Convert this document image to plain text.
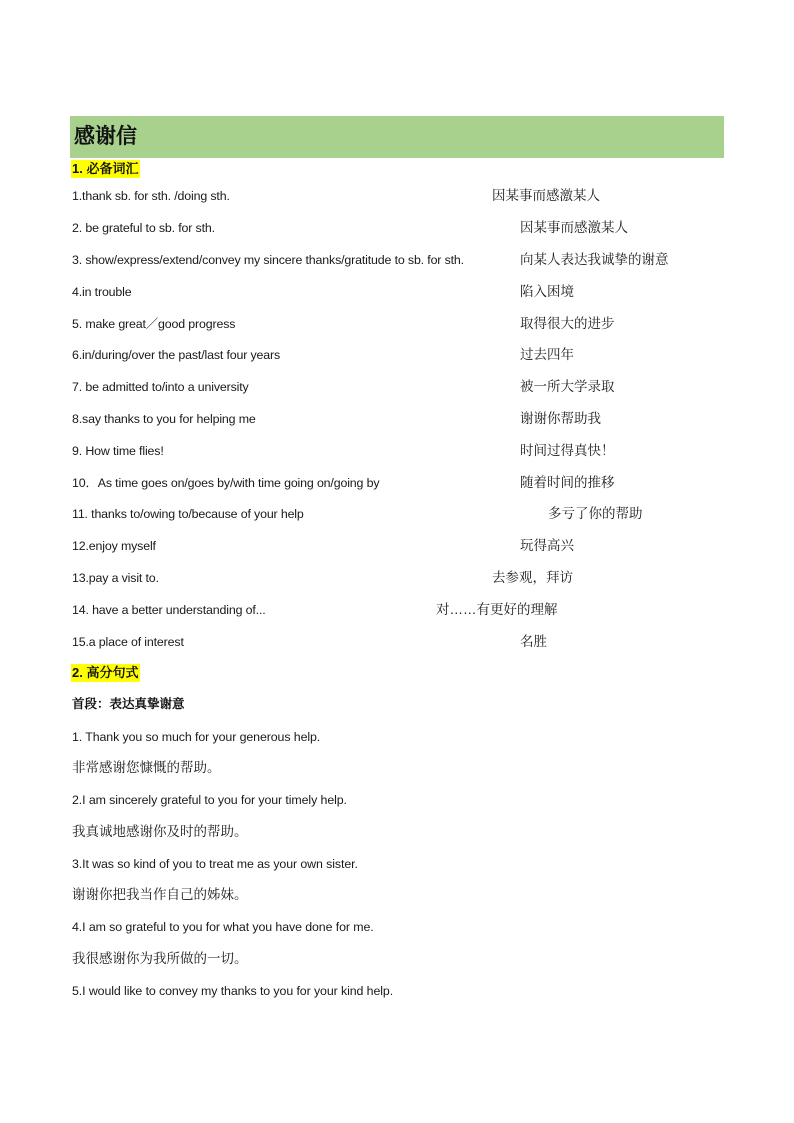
感谢信
1. 必备词汇
1.thank sb. for sth. /doing sth.	因某事而感激某人
2. be grateful to sb. for sth.	因某事而感激某人
3. show/express/extend/convey my sincere thanks/gratitude to sb. for sth.	向某人表达我诚挚的谢意
4.in trouble	陷入困境
5. make great／good progress	取得很大的进步
6.in/during/over the past/last four years	过去四年
7. be admitted to/into a university	被一所大学录取
8.say thanks to you for helping me	谢谢你帮助我
9. How time flies!	时间过得真快！
10．As time goes on/goes by/with time going on/going by	随着时间的推移
11. thanks to/owing to/because of your help	多亏了你的帮助
12.enjoy myself	玩得高兴
13.pay a visit to.	去参观，拜访
14. have a better understanding of...	对……有更好的理解
15.a place of interest	名胜
2. 高分句式
首段：表达真挚谢意
1. Thank you so much for your generous help.
非常感谢您慷慨的帮助。
2.I am sincerely grateful to you for your timely help.
我真诚地感谢你及时的帮助。
3.It was so kind of you to treat me as your own sister.
谢谢你把我当作自己的姊妹。
4.I am so grateful to you for what you have done for me.
我很感谢你为我所做的一切。
5.I would like to convey my thanks to you for your kind help.
